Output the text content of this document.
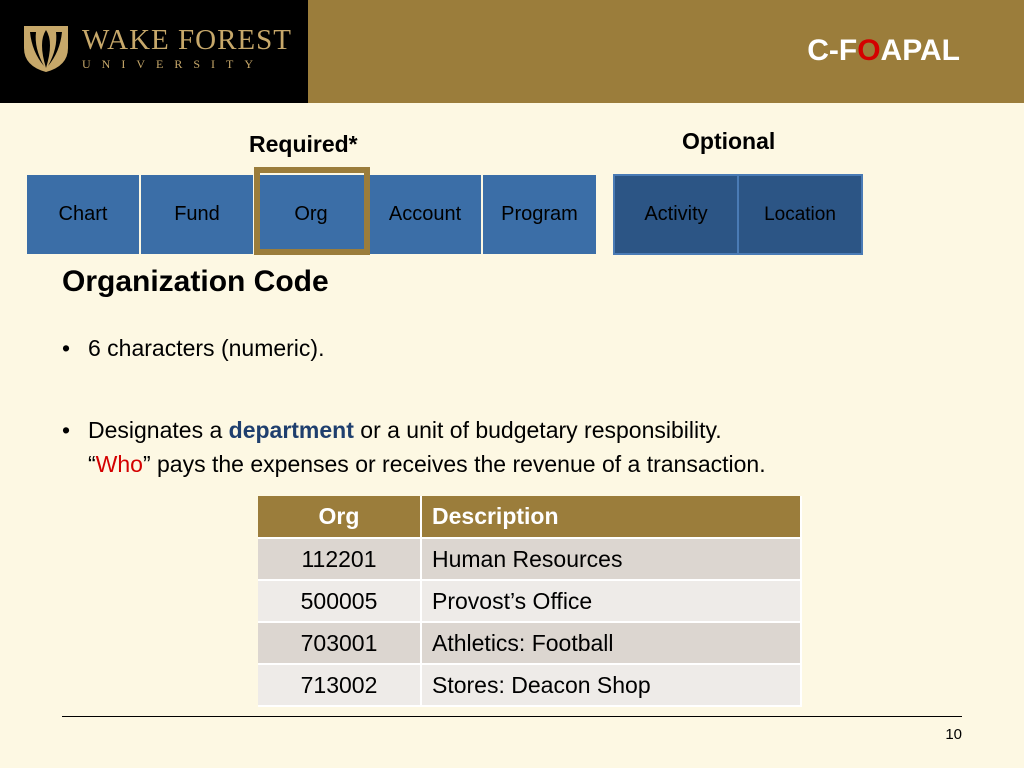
WAKE FOREST
UNIVERSITY	C-FOAPAL
Required*	Optional
Chart	Fund	Org	Account	Program	Activity	Location
Organization Code
• 6 characters (numeric).
• Designates a department or a unit of budgetary responsibility.
“Who” pays the expenses or receives the revenue of a transaction.
Org	Description
112201	Human Resources
500005	Provost’s Office
703001	Athletics: Football
713002	Stores: Deacon Shop
10
